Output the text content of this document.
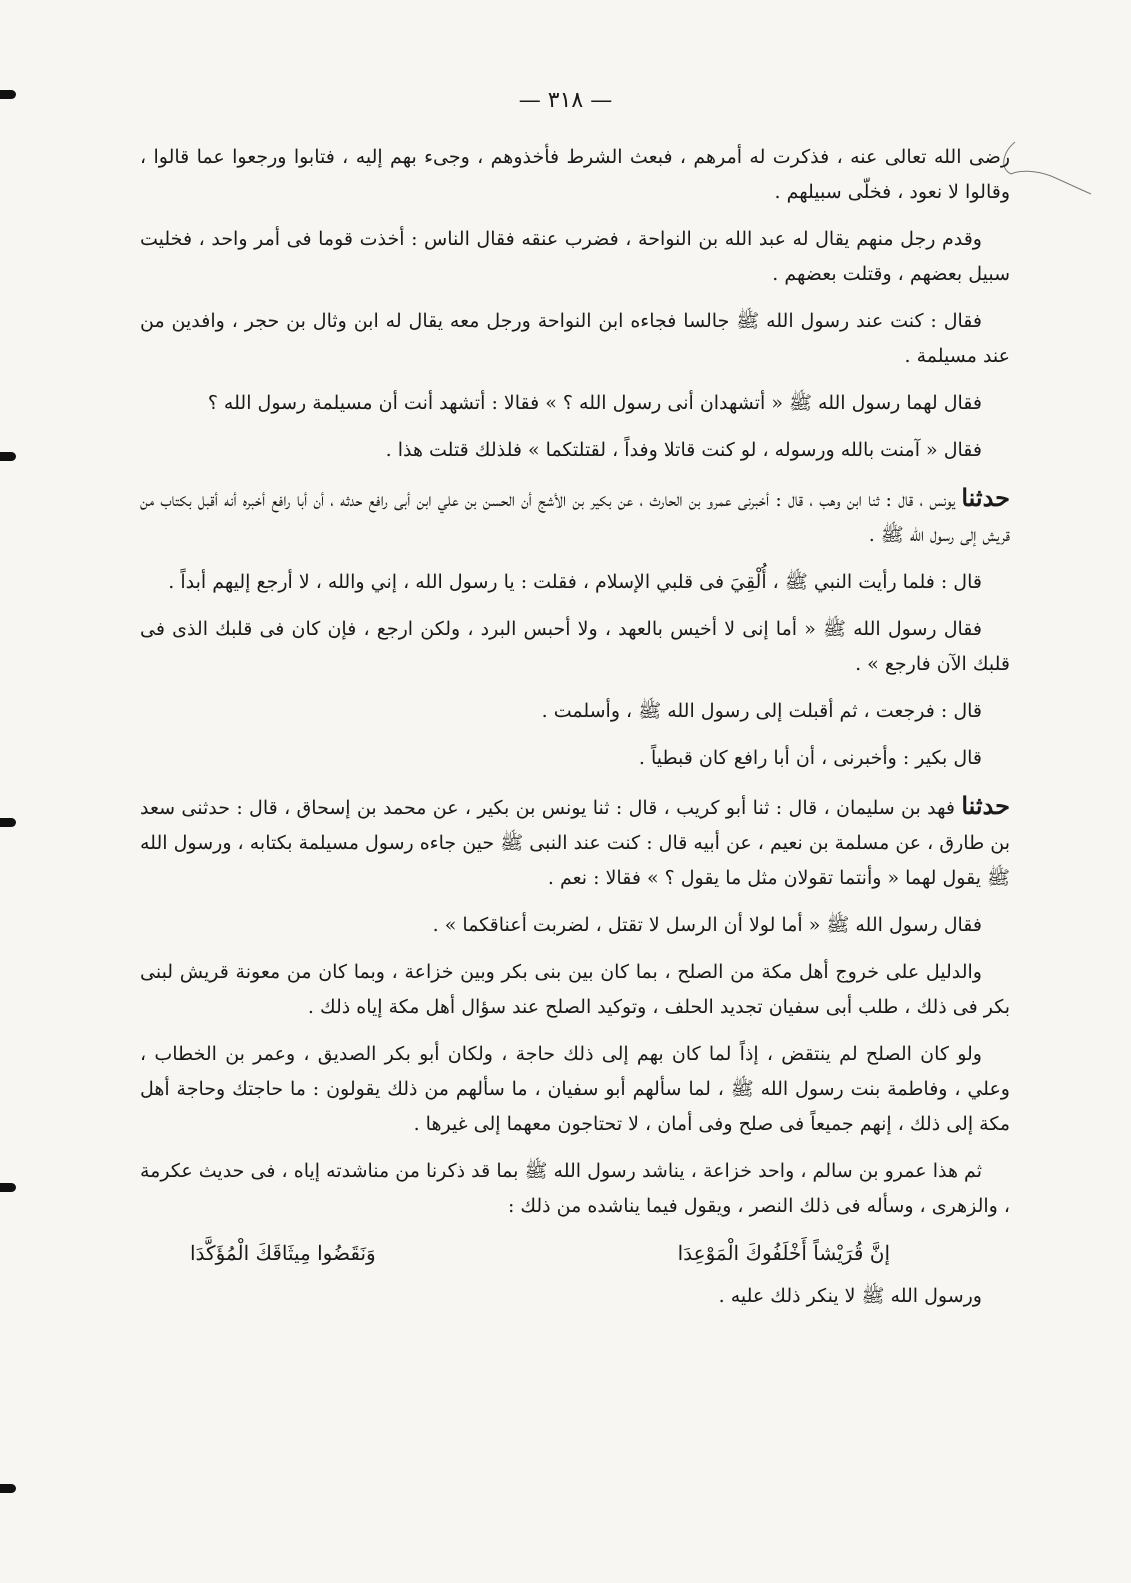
— ٣١٨ —

رضى الله تعالى عنه ، فذكرت له أمرهم ، فبعث الشرط فأخذوهم ، وجىء بهم إليه ، فتابوا ورجعوا عما قالوا ، وقالوا لا نعود ، فخلّى سبيلهم .

وقدم رجل منهم يقال له عبد الله بن النواحة ، فضرب عنقه فقال الناس : أخذت قوما فى أمر واحد ، فخليت سبيل بعضهم ، وقتلت بعضهم .

فقال : كنت عند رسول الله ﷺ جالسا فجاءه ابن النواحة ورجل معه يقال له ابن وثال بن حجر ، وافدين من عند مسيلمة .

فقال لهما رسول الله ﷺ « أتشهدان أنى رسول الله ؟ » فقالا : أتشهد أنت أن مسيلمة رسول الله ؟

فقال « آمنت بالله ورسوله ، لو كنت قاتلا وفداً ، لقتلتكما » فلذلك قتلت هذا .

حدثنا يونس ، قال : ثنا ابن وهب ، قال : أخبرنى عمرو بن الحارث ، عن بكير بن الأشج أن الحسن بن علي ابن أبى رافع حدثه ، أن أبا رافع أخبره أنه أقبل بكتاب من قريش إلى رسول الله ﷺ .

قال : فلما رأيت النبي ﷺ ، أُلْقِيَ فى قلبي الإسلام ، فقلت : يا رسول الله ، إني والله ، لا أرجع إليهم أبداً .

فقال رسول الله ﷺ « أما إنى لا أخيس بالعهد ، ولا أحبس البرد ، ولكن ارجع ، فإن كان فى قلبك الذى فى قلبك الآن فارجع » .

قال : فرجعت ، ثم أقبلت إلى رسول الله ﷺ ، وأسلمت .

قال بكير : وأخبرنى ، أن أبا رافع كان قبطياً .

حدثنا فهد بن سليمان ، قال : ثنا أبو كريب ، قال : ثنا يونس بن بكير ، عن محمد بن إسحاق ، قال : حدثنى سعد بن طارق ، عن مسلمة بن نعيم ، عن أبيه قال : كنت عند النبى ﷺ حين جاءه رسول مسيلمة بكتابه ، ورسول الله ﷺ يقول لهما « وأنتما تقولان مثل ما يقول ؟ » فقالا : نعم .

فقال رسول الله ﷺ « أما لولا أن الرسل لا تقتل ، لضربت أعناقكما » .

والدليل على خروج أهل مكة من الصلح ، بما كان بين بنى بكر وبين خزاعة ، وبما كان من معونة قريش لبنى بكر فى ذلك ، طلب أبى سفيان تجديد الحلف ، وتوكيد الصلح عند سؤال أهل مكة إياه ذلك .

ولو كان الصلح لم ينتقض ، إذاً لما كان بهم إلى ذلك حاجة ، ولكان أبو بكر الصديق ، وعمر بن الخطاب ، وعلي ، وفاطمة بنت رسول الله ﷺ ، لما سألهم أبو سفيان ، ما سألهم من ذلك يقولون : ما حاجتك وحاجة أهل مكة إلى ذلك ، إنهم جميعاً فى صلح وفى أمان ، لا تحتاجون معهما إلى غيرها .

ثم هذا عمرو بن سالم ، واحد خزاعة ، يناشد رسول الله ﷺ بما قد ذكرنا من مناشدته إياه ، فى حديث عكرمة ، والزهرى ، وسأله فى ذلك النصر ، ويقول فيما يناشده من ذلك :

إنَّ قُرَيْشاً أَخْلَفُوكَ الْمَوْعِدَا
وَنَقَضُوا مِيثَاقَكَ الْمُؤَكَّدَا

ورسول الله ﷺ لا ينكر ذلك عليه .
